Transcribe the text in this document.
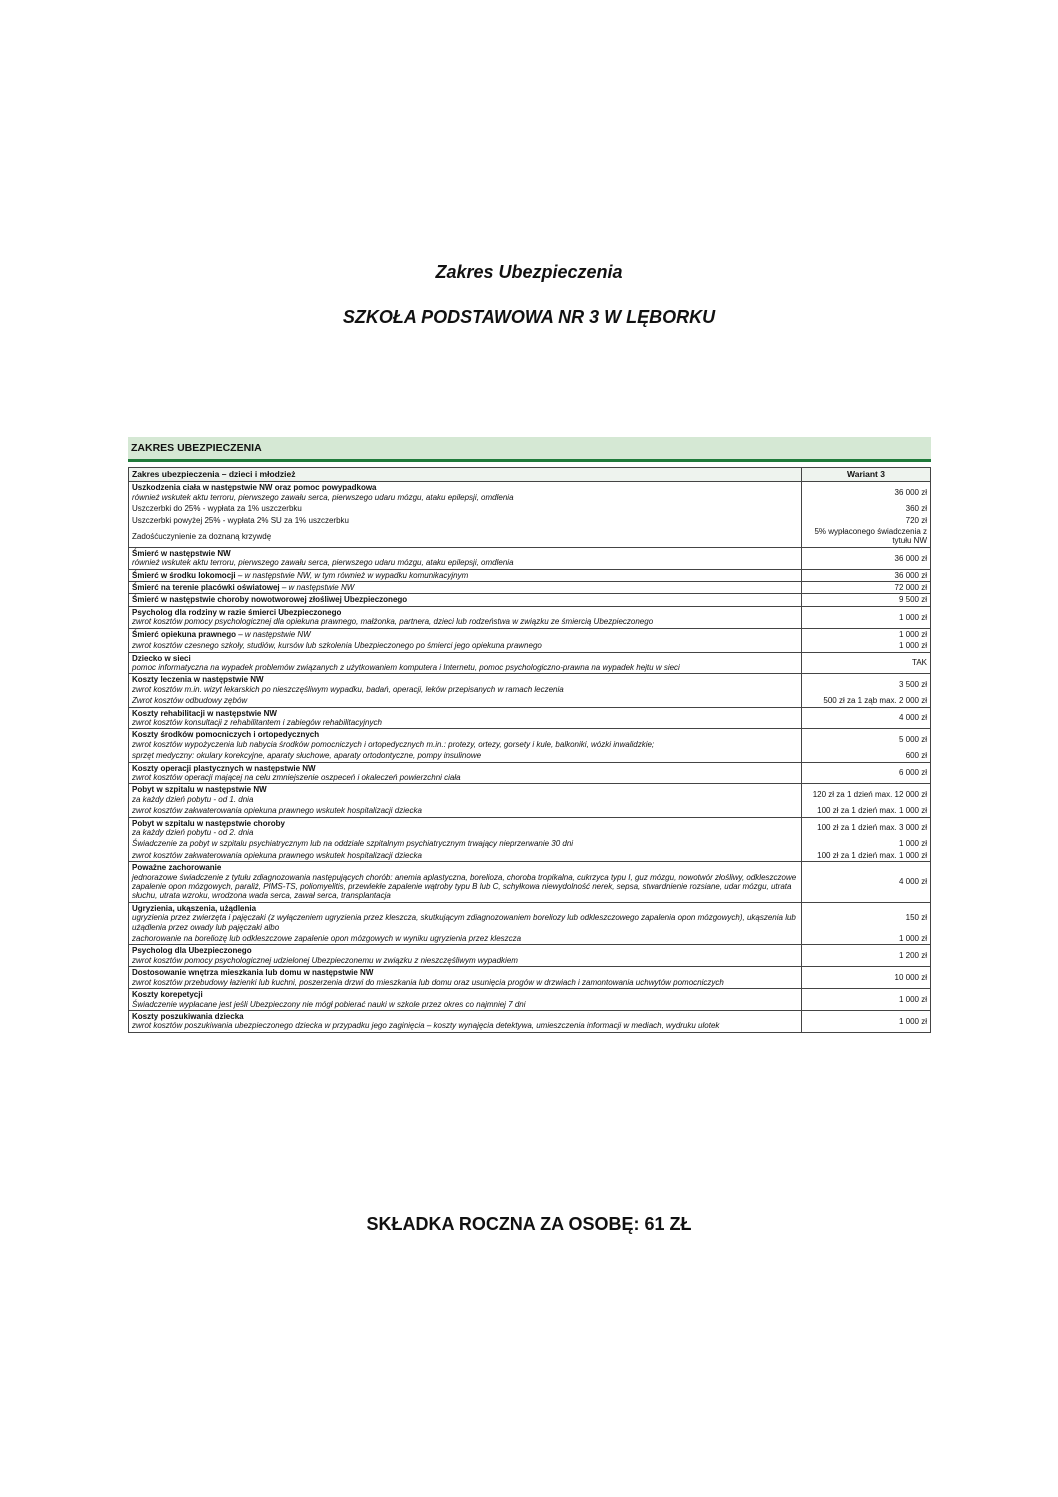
Zakres Ubezpieczenia
SZKOŁA PODSTAWOWA NR 3 W LĘBORKU
ZAKRES UBEZPIECZENIA
Zakres ubezpieczenia – dzieci i młodzież	Wariant 3

Uszkodzenia ciała w następstwie NW oraz pomoc powypadkowa
również wskutek aktu terroru, pierwszego zawału serca, pierwszego udaru mózgu, ataku epilepsji, omdlenia	36 000 zł

Uszczerbki do 25% - wypłata za 1% uszczerbku	360 zł

Uszczerbki powyżej 25% - wypłata 2% SU za 1% uszczerbku	720 zł

Zadośćuczynienie za doznaną krzywdę	5% wypłaconego świadczenia z tytułu NW

Śmierć w następstwie NW
również wskutek aktu terroru, pierwszego zawału serca, pierwszego udaru mózgu, ataku epilepsji, omdlenia	36 000 zł

Śmierć w środku lokomocji – w następstwie NW, w tym również w wypadku komunikacyjnym	36 000 zł

Śmierć na terenie placówki oświatowej – w następstwie NW	72 000 zł

Śmierć w następstwie choroby nowotworowej złośliwej Ubezpieczonego	9 500 zł

Psycholog dla rodziny w razie śmierci Ubezpieczonego
zwrot kosztów pomocy psychologicznej dla opiekuna prawnego, małżonka, partnera, dzieci lub rodzeństwa w związku ze śmiercią Ubezpieczonego	1 000 zł

Śmierć opiekuna prawnego – w następstwie NW	1 000 zł

zwrot kosztów czesnego szkoły, studiów, kursów lub szkolenia Ubezpieczonego po śmierci jego opiekuna prawnego	1 000 zł

Dziecko w sieci
pomoc informatyczna na wypadek problemów związanych z użytkowaniem komputera i Internetu, pomoc psychologiczno-prawna na wypadek hejtu w sieci	TAK

Koszty leczenia w następstwie NW
zwrot kosztów m.in. wizyt lekarskich po nieszczęśliwym wypadku, badań, operacji, leków przepisanych w ramach leczenia	3 500 zł

Zwrot kosztów odbudowy zębów	500 zł za 1 ząb max. 2 000 zł

Koszty rehabilitacji w następstwie NW
zwrot kosztów konsultacji z rehabilitantem i zabiegów rehabilitacyjnych	4 000 zł

Koszty środków pomocniczych i ortopedycznych
zwrot kosztów wypożyczenia lub nabycia środków pomocniczych i ortopedycznych m.in.: protezy, ortezy, gorsety i kule, balkoniki, wózki inwalidzkie;	5 000 zł

sprzęt medyczny: okulary korekcyjne, aparaty słuchowe, aparaty ortodontyczne, pompy insulinowe	600 zł

Koszty operacji plastycznych w następstwie NW
zwrot kosztów operacji mającej na celu zmniejszenie oszpeceń i okaleczeń powierzchni ciała	6 000 zł

Pobyt w szpitalu w następstwie NW
za każdy dzień pobytu - od 1. dnia	120 zł za 1 dzień max. 12 000 zł

zwrot kosztów zakwaterowania opiekuna prawnego wskutek hospitalizacji dziecka	100 zł za 1 dzień max. 1 000 zł

Pobyt w szpitalu w następstwie choroby
za każdy dzień pobytu - od 2. dnia	100 zł za 1 dzień max. 3 000 zł

Świadczenie za pobyt w szpitalu psychiatrycznym lub na oddziale szpitalnym psychiatrycznym trwający nieprzerwanie 30 dni	1 000 zł

zwrot kosztów zakwaterowania opiekuna prawnego wskutek hospitalizacji dziecka	100 zł za 1 dzień max. 1 000 zł

Poważne zachorowanie
jednorazowe świadczenie z tytułu zdiagnozowania następujących chorób: anemia aplastyczna, borelioza, choroba tropikalna, cukrzyca typu I, guz mózgu, nowotwór złośliwy, odkleszczowe zapalenie opon mózgowych, paraliż, PIMS-TS, poliomyelitis, przewlekłe zapalenie wątroby typu B lub C, schyłkowa niewydolność nerek, sepsa, stwardnienie rozsiane, udar mózgu, utrata słuchu, utrata wzroku, wrodzona wada serca, zawał serca, transplantacja	4 000 zł

Ugryzienia, ukąszenia, użądlenia
ugryzienia przez zwierzęta i pajęczaki (z wyłączeniem ugryzienia przez kleszcza, skutkującym zdiagnozowaniem boreliozy lub odkleszczowego zapalenia opon mózgowych), ukąszenia lub użądlenia przez owady lub pajęczaki albo	150 zł

zachorowanie na boreliozę lub odkleszczowe zapalenie opon mózgowych w wyniku ugryzienia przez kleszcza	1 000 zł

Psycholog dla Ubezpieczonego
zwrot kosztów pomocy psychologicznej udzielonej Ubezpieczonemu w związku z nieszczęśliwym wypadkiem	1 200 zł

Dostosowanie wnętrza mieszkania lub domu w następstwie NW
zwrot kosztów przebudowy łazienki lub kuchni, poszerzenia drzwi do mieszkania lub domu oraz usunięcia progów w drzwiach i zamontowania uchwytów pomocniczych	10 000 zł

Koszty korepetycji
Świadczenie wypłacane jest jeśli Ubezpieczony nie mógł pobierać nauki w szkole przez okres co najmniej 7 dni	1 000 zł

Koszty poszukiwania dziecka
zwrot kosztów poszukiwania ubezpieczonego dziecka w przypadku jego zaginięcia – koszty wynajęcia detektywa, umieszczenia informacji w mediach, wydruku ulotek	1 000 zł
SKŁADKA ROCZNA ZA OSOBĘ: 61 ZŁ
